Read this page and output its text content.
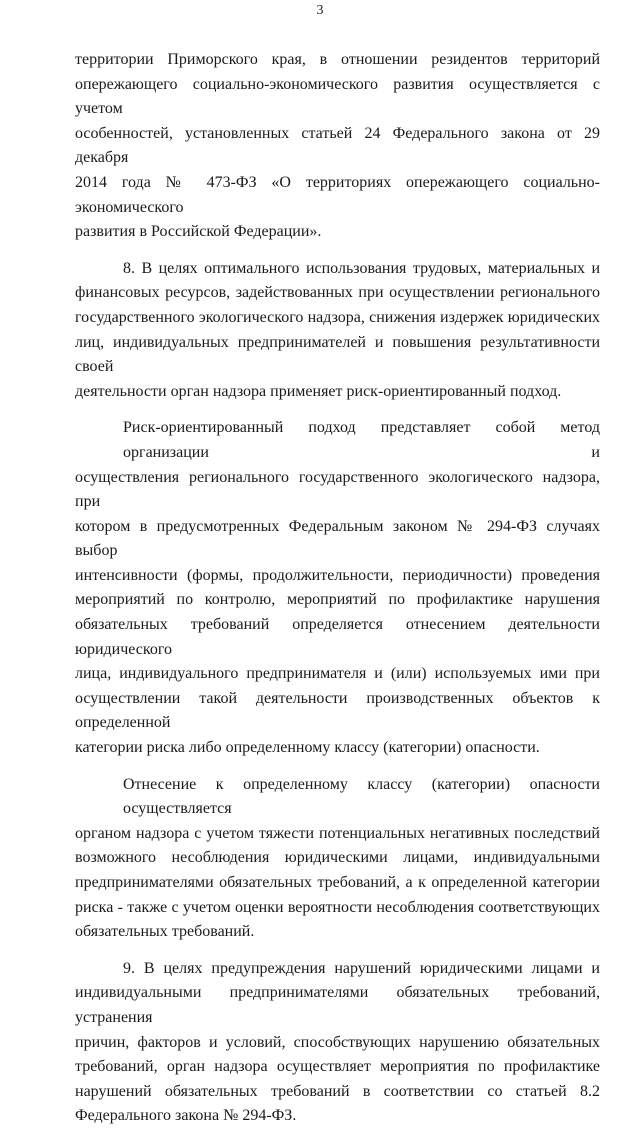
3
территории Приморского края, в отношении резидентов территорий
опережающего социально-экономического развития осуществляется с учетом
особенностей, установленных статьей 24 Федерального закона от 29 декабря
2014 года № 473-ФЗ «О территориях опережающего социально-экономического
развития в Российской Федерации».
8. В целях оптимального использования трудовых, материальных и
финансовых ресурсов, задействованных при осуществлении регионального
государственного экологического надзора, снижения издержек юридических
лиц, индивидуальных предпринимателей и повышения результативности своей
деятельности орган надзора применяет риск-ориентированный подход.
Риск-ориентированный подход представляет собой метод организации и
осуществления регионального государственного экологического надзора, при
котором в предусмотренных Федеральным законом № 294-ФЗ случаях выбор
интенсивности (формы, продолжительности, периодичности) проведения
мероприятий по контролю, мероприятий по профилактике нарушения
обязательных требований определяется отнесением деятельности юридического
лица, индивидуального предпринимателя и (или) используемых ими при
осуществлении такой деятельности производственных объектов к определенной
категории риска либо определенному классу (категории) опасности.
Отнесение к определенному классу (категории) опасности осуществляется
органом надзора с учетом тяжести потенциальных негативных последствий
возможного несоблюдения юридическими лицами, индивидуальными
предпринимателями обязательных требований, а к определенной категории
риска - также с учетом оценки вероятности несоблюдения соответствующих
обязательных требований.
9. В целях предупреждения нарушений юридическими лицами и
индивидуальными предпринимателями обязательных требований, устранения
причин, факторов и условий, способствующих нарушению обязательных
требований, орган надзора осуществляет мероприятия по профилактике
нарушений обязательных требований в соответствии со статьей 8.2
Федерального закона № 294-ФЗ.
